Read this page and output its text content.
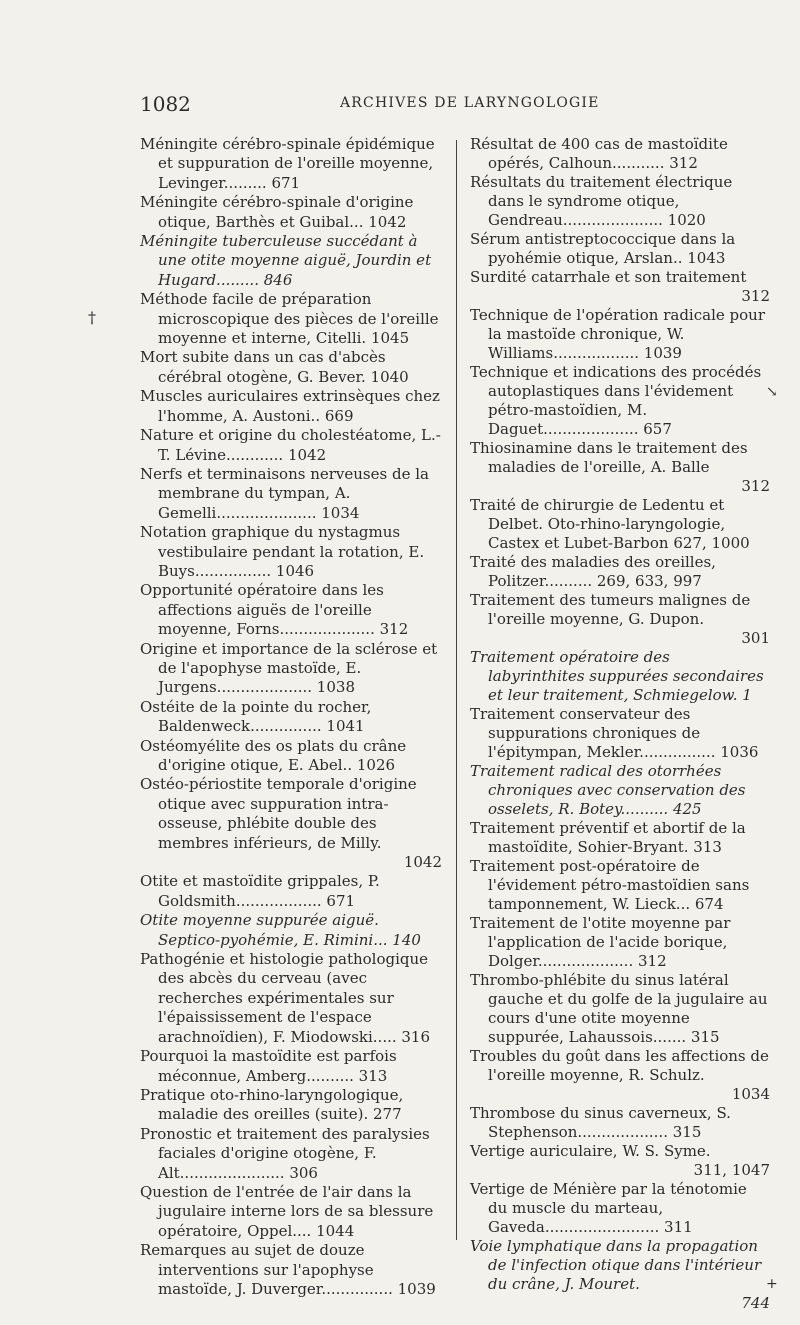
1082	ARCHIVES DE LARYNGOLOGIE

Méningite cérébro-spinale épidémique et suppuration de l'oreille moyenne, Levinger......... 671

Méningite cérébro-spinale d'origine otique, Barthès et Guibal... 1042

Méningite tuberculeuse succédant à une otite moyenne aiguë, Jourdin et Hugard......... 846

†
Méthode facile de préparation microscopique des pièces de l'oreille moyenne et interne, Citelli. 1045

Mort subite dans un cas d'abcès cérébral otogène, G. Bever. 1040

Muscles auriculaires extrinsèques chez l'homme, A. Austoni.. 669

Nature et origine du cholestéatome, L.-T. Lévine............ 1042

Nerfs et terminaisons nerveuses de la membrane du tympan, A. Gemelli..................... 1034

Notation graphique du nystagmus vestibulaire pendant la rotation, E. Buys................ 1046

Opportunité opératoire dans les affections aiguës de l'oreille moyenne, Forns.................... 312

Origine et importance de la sclérose et de l'apophyse mastoïde, E. Jurgens.................... 1038

Ostéite de la pointe du rocher, Baldenweck............... 1041

Ostéomyélite des os plats du crâne d'origine otique, E. Abel.. 1026

Ostéo-périostite temporale d'origine otique avec suppuration intra-osseuse, phlébite double des membres inférieurs, de Milly.
1042

Otite et mastoïdite grippales, P. Goldsmith.................. 671

Otite moyenne suppurée aiguë. Septico-pyohémie, E. Rimini... 140

Pathogénie et histologie pathologique des abcès du cerveau (avec recherches expérimentales sur l'épaississement de l'espace arachnoïdien), F. Miodowski..... 316

Pourquoi la mastoïdite est parfois méconnue, Amberg.......... 313

Pratique oto-rhino-laryngologique, maladie des oreilles (suite). 277

Pronostic et traitement des paralysies faciales d'origine otogène, F. Alt...................... 306

Question de l'entrée de l'air dans la jugulaire interne lors de sa blessure opératoire, Oppel.... 1044

Remarques au sujet de douze interventions sur l'apophyse mastoïde, J. Duverger............... 1039

Résultat de 400 cas de mastoïdite opérés, Calhoun........... 312

Résultats du traitement électrique dans le syndrome otique, Gendreau..................... 1020

Sérum antistreptococcique dans la pyohémie otique, Arslan.. 1043

Surdité catarrhale et son traitement
312

Technique de l'opération radicale pour la mastoïde chronique, W. Williams.................. 1039

↘
Technique et indications des procédés autoplastiques dans l'évidement pétro-mastoïdien, M. Daguet.................... 657

Thiosinamine dans le traitement des maladies de l'oreille, A. Balle
312

Traité de chirurgie de Ledentu et Delbet. Oto-rhino-laryngologie, Castex et Lubet-Barbon 627, 1000

Traité des maladies des oreilles, Politzer.......... 269, 633, 997

Traitement des tumeurs malignes de l'oreille moyenne, G. Dupon.
301

Traitement opératoire des labyrinthites suppurées secondaires et leur traitement, Schmiegelow. 1

Traitement conservateur des suppurations chroniques de l'épitympan, Mekler................ 1036

Traitement radical des otorrhées chroniques avec conservation des osselets, R. Botey.......... 425

Traitement préventif et abortif de la mastoïdite, Sohier-Bryant. 313

Traitement post-opératoire de l'évidement pétro-mastoïdien sans tamponnement, W. Lieck... 674

Traitement de l'otite moyenne par l'application de l'acide borique, Dolger.................... 312

Thrombo-phlébite du sinus latéral gauche et du golfe de la jugulaire au cours d'une otite moyenne suppurée, Lahaussois....... 315

Troubles du goût dans les affections de l'oreille moyenne, R. Schulz.
1034

Thrombose du sinus caverneux, S. Stephenson................... 315

Vertige auriculaire, W. S. Syme.
311, 1047

Vertige de Ménière par la ténotomie du muscle du marteau, Gaveda........................ 311

+
Voie lymphatique dans la propagation de l'infection otique dans l'intérieur du crâne, J. Mouret.
744
